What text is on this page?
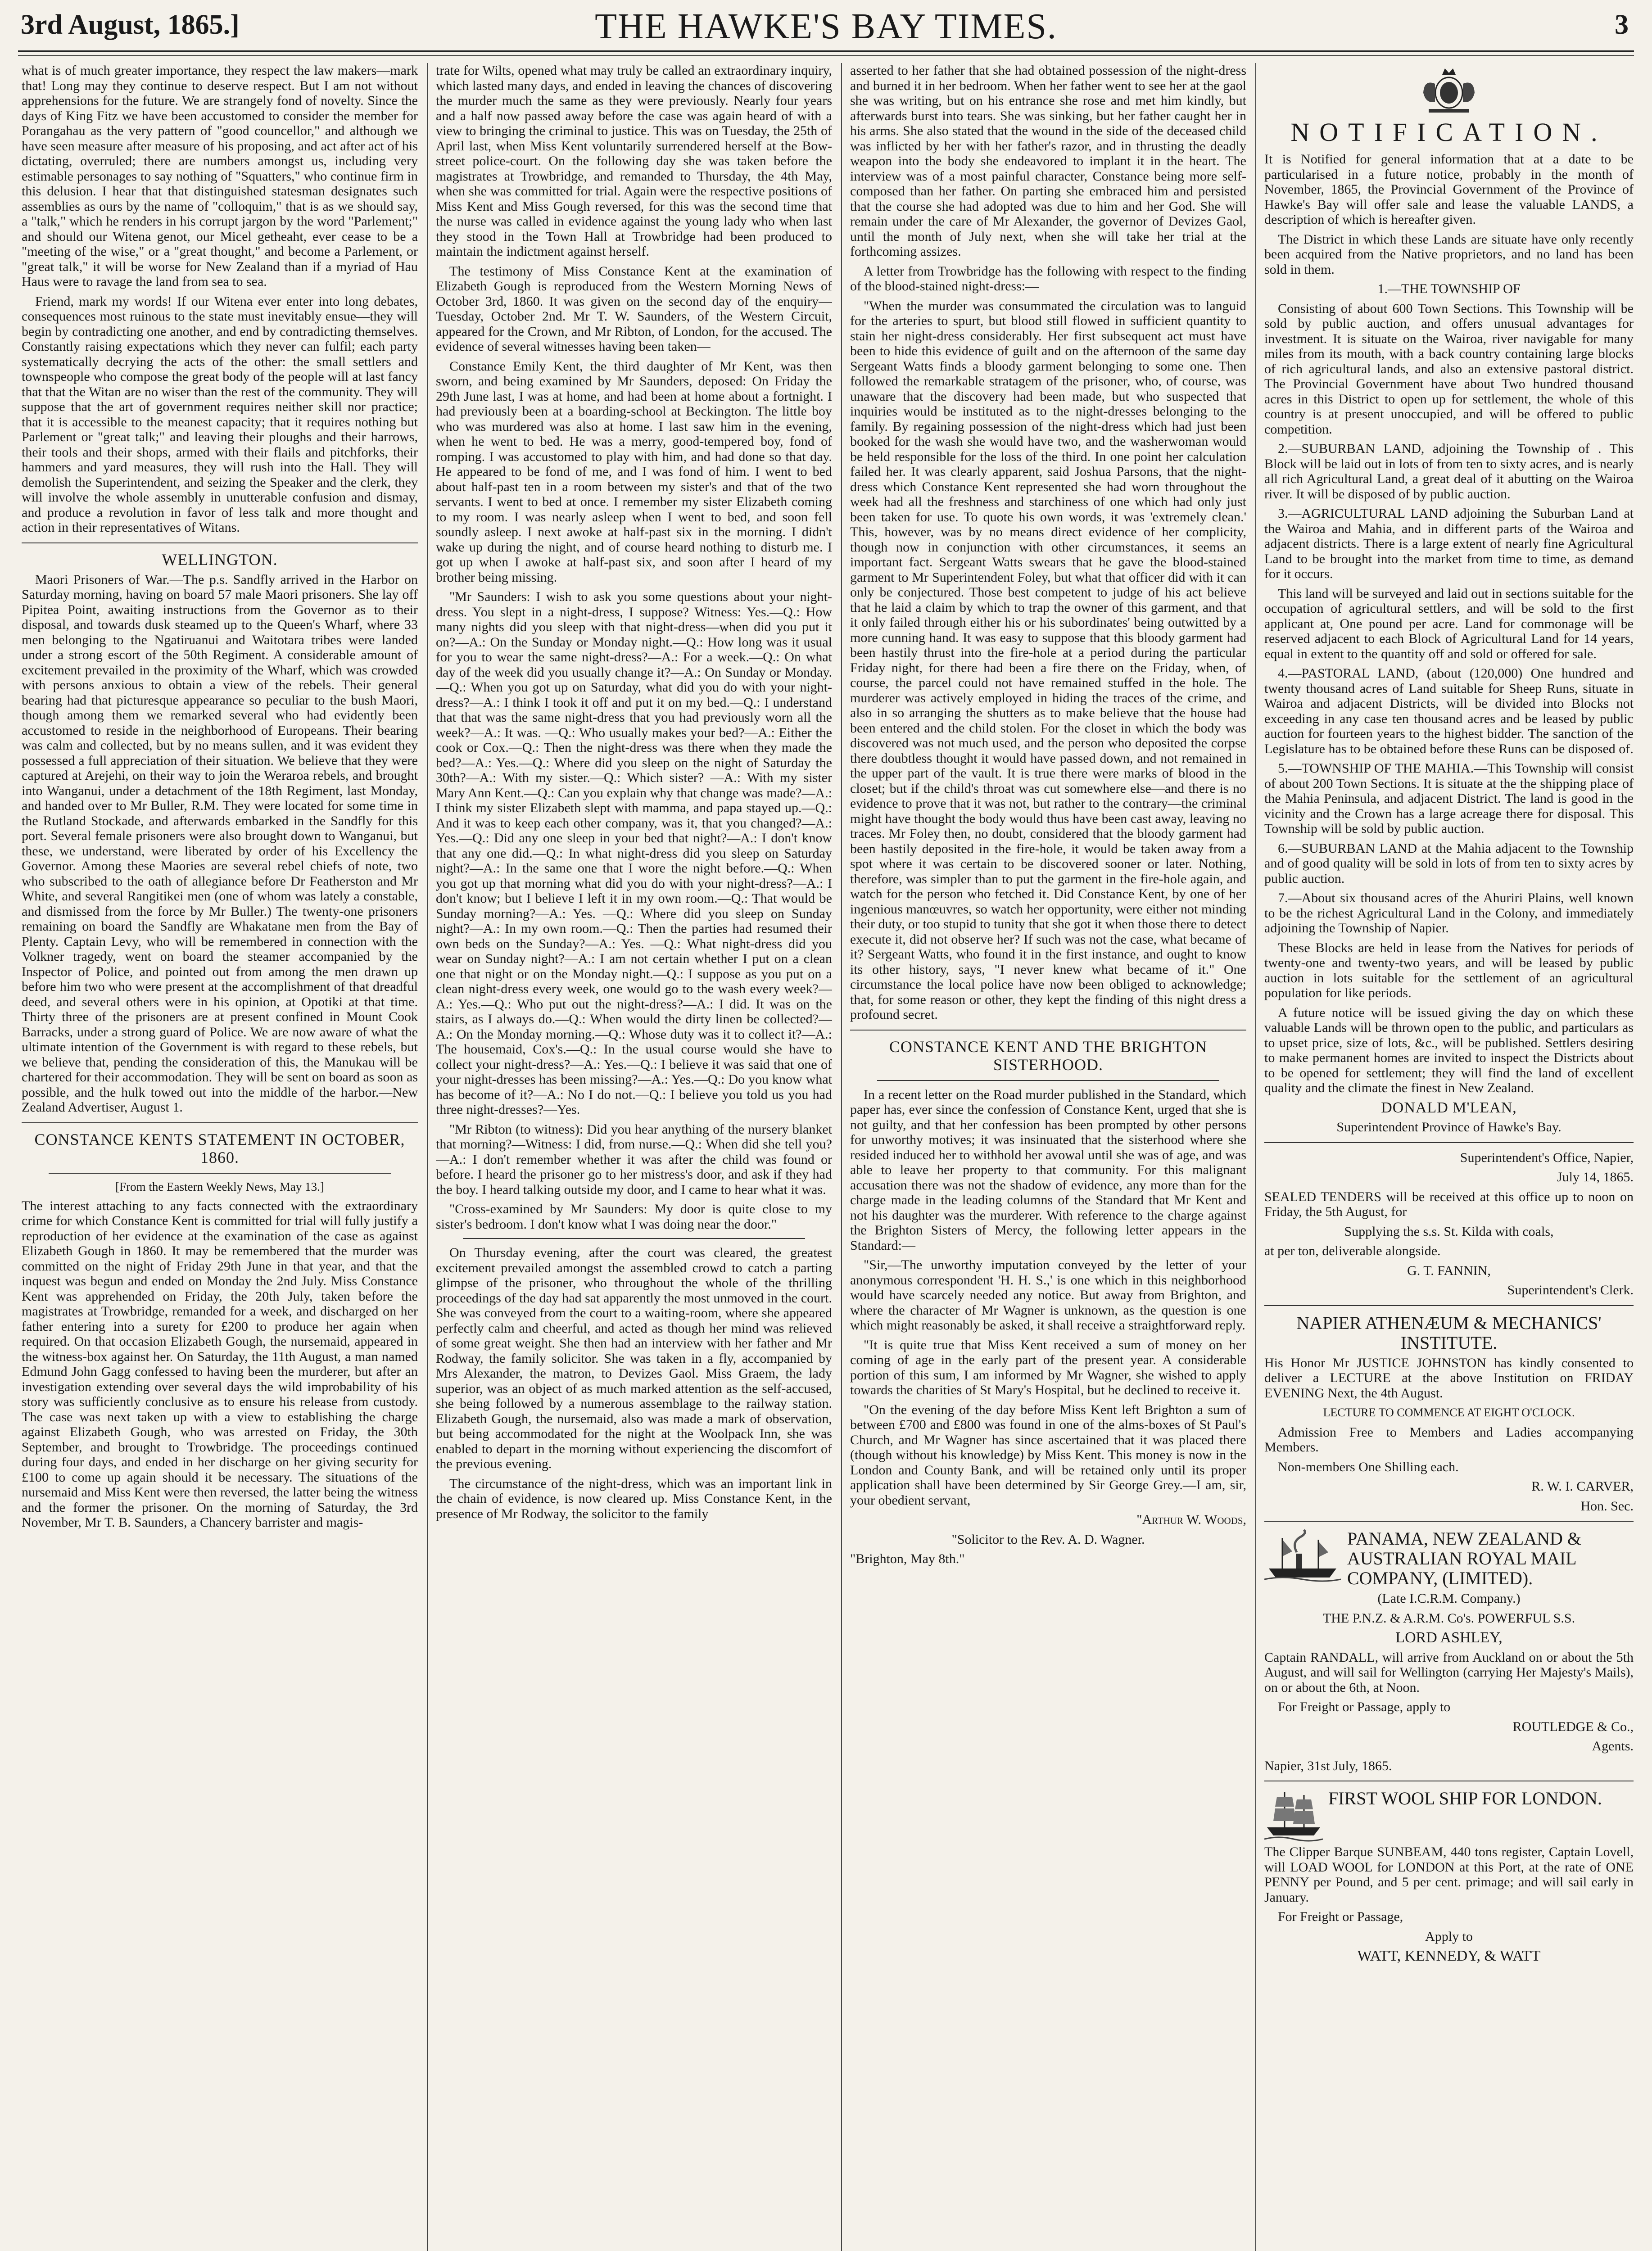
3rd August, 1865.]	THE HAWKE'S BAY TIMES.	3

what is of much greater importance, they respect the law makers—mark that! Long may they continue to deserve respect. But I am not without apprehensions for the future. We are strangely fond of novelty. Since the days of King Fitz we have been accustomed to consider the member for Porangahau as the very pattern of "good councellor," and although we have seen measure after measure of his proposing, and act after act of his dictating, overruled; there are numbers amongst us, including very estimable personages to say nothing of "Squatters," who continue firm in this delusion. I hear that that distinguished statesman designates such assemblies as ours by the name of "colloquim," that is as we should say, a "talk," which he renders in his corrupt jargon by the word "Parlement;" and should our Witena genot, our Micel getheaht, ever cease to be a "meeting of the wise," or a "great thought," and become a Parlement, or "great talk," it will be worse for New Zealand than if a myriad of Hau Haus were to ravage the land from sea to sea.

Friend, mark my words! If our Witena ever enter into long debates, consequences most ruinous to the state must inevitably ensue—they will begin by contradicting one another, and end by contradicting themselves. Constantly raising expectations which they never can fulfil; each party systematically decrying the acts of the other: the small settlers and townspeople who compose the great body of the people will at last fancy that that the Witan are no wiser than the rest of the community. They will suppose that the art of government requires neither skill nor practice; that it is accessible to the meanest capacity; that it requires nothing but Parlement or "great talk;" and leaving their ploughs and their harrows, their tools and their shops, armed with their flails and pitchforks, their hammers and yard measures, they will rush into the Hall. They will demolish the Superintendent, and seizing the Speaker and the clerk, they will involve the whole assembly in unutterable confusion and dismay, and produce a revolution in favor of less talk and more thought and action in their representatives of Witans.

WELLINGTON.

Maori Prisoners of War.—The p.s. Sandfly arrived in the Harbor on Saturday morning, having on board 57 male Maori prisoners. She lay off Pipitea Point, awaiting instructions from the Governor as to their disposal, and towards dusk steamed up to the Queen's Wharf, where 33 men belonging to the Ngatiruanui and Waitotara tribes were landed under a strong escort of the 50th Regiment. A considerable amount of excitement prevailed in the proximity of the Wharf, which was crowded with persons anxious to obtain a view of the rebels. Their general bearing had that picturesque appearance so peculiar to the bush Maori, though among them we remarked several who had evidently been accustomed to reside in the neighborhood of Europeans. Their bearing was calm and collected, but by no means sullen, and it was evident they possessed a full appreciation of their situation. We believe that they were captured at Arejehi, on their way to join the Weraroa rebels, and brought into Wanganui, under a detachment of the 18th Regiment, last Monday, and handed over to Mr Buller, R.M. They were located for some time in the Rutland Stockade, and afterwards embarked in the Sandfly for this port. Several female prisoners were also brought down to Wanganui, but these, we understand, were liberated by order of his Excellency the Governor. Among these Maories are several rebel chiefs of note, two who subscribed to the oath of allegiance before Dr Featherston and Mr White, and several Rangitikei men (one of whom was lately a constable, and dismissed from the force by Mr Buller.) The twenty-one prisoners remaining on board the Sandfly are Whakatane men from the Bay of Plenty. Captain Levy, who will be remembered in connection with the Volkner tragedy, went on board the steamer accompanied by the Inspector of Police, and pointed out from among the men drawn up before him two who were present at the accomplishment of that dreadful deed, and several others were in his opinion, at Opotiki at that time. Thirty three of the prisoners are at present confined in Mount Cook Barracks, under a strong guard of Police. We are now aware of what the ultimate intention of the Government is with regard to these rebels, but we believe that, pending the consideration of this, the Manukau will be chartered for their accommodation. They will be sent on board as soon as possible, and the hulk towed out into the middle of the harbor.—New Zealand Advertiser, August 1.

CONSTANCE KENTS STATEMENT IN OCTOBER, 1860.
[From the Eastern Weekly News, May 13.]

The interest attaching to any facts connected with the extraordinary crime for which Constance Kent is committed for trial will fully justify a reproduction of her evidence at the examination of the case as against Elizabeth Gough in 1860. It may be remembered that the murder was committed on the night of Friday 29th June in that year, and that the inquest was begun and ended on Monday the 2nd July. Miss Constance Kent was apprehended on Friday, the 20th July, taken before the magistrates at Trowbridge, remanded for a week, and discharged on her father entering into a surety for £200 to produce her again when required. On that occasion Elizabeth Gough, the nursemaid, appeared in the witness-box against her. On Saturday, the 11th August, a man named Edmund John Gagg confessed to having been the murderer, but after an investigation extending over several days the wild improbability of his story was sufficiently conclusive as to ensure his release from custody. The case was next taken up with a view to establishing the charge against Elizabeth Gough, who was arrested on Friday, the 30th September, and brought to Trowbridge. The proceedings continued during four days, and ended in her discharge on her giving security for £100 to come up again should it be necessary. The situations of the nursemaid and Miss Kent were then reversed, the latter being the witness and the former the prisoner. On the morning of Saturday, the 3rd November, Mr T. B. Saunders, a Chancery barrister and magis-

trate for Wilts, opened what may truly be called an extraordinary inquiry, which lasted many days, and ended in leaving the chances of discovering the murder much the same as they were previously. Nearly four years and a half now passed away before the case was again heard of with a view to bringing the criminal to justice. This was on Tuesday, the 25th of April last, when Miss Kent voluntarily surrendered herself at the Bow-street police-court. On the following day she was taken before the magistrates at Trowbridge, and remanded to Thursday, the 4th May, when she was committed for trial. Again were the respective positions of Miss Kent and Miss Gough reversed, for this was the second time that the nurse was called in evidence against the young lady who when last they stood in the Town Hall at Trowbridge had been produced to maintain the indictment against herself.

The testimony of Miss Constance Kent at the examination of Elizabeth Gough is reproduced from the Western Morning News of October 3rd, 1860. It was given on the second day of the enquiry—Tuesday, October 2nd. Mr T. W. Saunders, of the Western Circuit, appeared for the Crown, and Mr Ribton, of London, for the accused. The evidence of several witnesses having been taken—

Constance Emily Kent, the third daughter of Mr Kent, was then sworn, and being examined by Mr Saunders, deposed: On Friday the 29th June last, I was at home, and had been at home about a fortnight. I had previously been at a boarding-school at Beckington. The little boy who was murdered was also at home. I last saw him in the evening, when he went to bed. He was a merry, good-tempered boy, fond of romping. I was accustomed to play with him, and had done so that day. He appeared to be fond of me, and I was fond of him. I went to bed about half-past ten in a room between my sister's and that of the two servants. I went to bed at once. I remember my sister Elizabeth coming to my room. I was nearly asleep when I went to bed, and soon fell soundly asleep. I next awoke at half-past six in the morning. I didn't wake up during the night, and of course heard nothing to disturb me. I got up when I awoke at half-past six, and soon after I heard of my brother being missing.

"Mr Saunders: I wish to ask you some questions about your night-dress. You slept in a night-dress, I suppose? Witness: Yes.—Q.: How many nights did you sleep with that night-dress—when did you put it on?—A.: On the Sunday or Monday night.—Q.: How long was it usual for you to wear the same night-dress?—A.: For a week.—Q.: On what day of the week did you usually change it?—A.: On Sunday or Monday. —Q.: When you got up on Saturday, what did you do with your night-dress?—A.: I think I took it off and put it on my bed.—Q.: I understand that that was the same night-dress that you had previously worn all the week?—A.: It was. —Q.: Who usually makes your bed?—A.: Either the cook or Cox.—Q.: Then the night-dress was there when they made the bed?—A.: Yes.—Q.: Where did you sleep on the night of Saturday the 30th?—A.: With my sister.—Q.: Which sister? —A.: With my sister Mary Ann Kent.—Q.: Can you explain why that change was made?—A.: I think my sister Elizabeth slept with mamma, and papa stayed up.—Q.: And it was to keep each other company, was it, that you changed?—A.: Yes.—Q.: Did any one sleep in your bed that night?—A.: I don't know that any one did.—Q.: In what night-dress did you sleep on Saturday night?—A.: In the same one that I wore the night before.—Q.: When you got up that morning what did you do with your night-dress?—A.: I don't know; but I believe I left it in my own room.—Q.: That would be Sunday morning?—A.: Yes. —Q.: Where did you sleep on Sunday night?—A.: In my own room.—Q.: Then the parties had resumed their own beds on the Sunday?—A.: Yes. —Q.: What night-dress did you wear on Sunday night?—A.: I am not certain whether I put on a clean one that night or on the Monday night.—Q.: I suppose as you put on a clean night-dress every week, one would go to the wash every week?—A.: Yes.—Q.: Who put out the night-dress?—A.: I did. It was on the stairs, as I always do.—Q.: When would the dirty linen be collected?—A.: On the Monday morning.—Q.: Whose duty was it to collect it?—A.: The housemaid, Cox's.—Q.: In the usual course would she have to collect your night-dress?—A.: Yes.—Q.: I believe it was said that one of your night-dresses has been missing?—A.: Yes.—Q.: Do you know what has become of it?—A.: No I do not.—Q.: I believe you told us you had three night-dresses?—Yes.

"Mr Ribton (to witness): Did you hear anything of the nursery blanket that morning?—Witness: I did, from nurse.—Q.: When did she tell you?—A.: I don't remember whether it was after the child was found or before. I heard the prisoner go to her mistress's door, and ask if they had the boy. I heard talking outside my door, and I came to hear what it was.

"Cross-examined by Mr Saunders: My door is quite close to my sister's bedroom. I don't know what I was doing near the door."

On Thursday evening, after the court was cleared, the greatest excitement prevailed amongst the assembled crowd to catch a parting glimpse of the prisoner, who throughout the whole of the thrilling proceedings of the day had sat apparently the most unmoved in the court. She was conveyed from the court to a waiting-room, where she appeared perfectly calm and cheerful, and acted as though her mind was relieved of some great weight. She then had an interview with her father and Mr Rodway, the family solicitor. She was taken in a fly, accompanied by Mrs Alexander, the matron, to Devizes Gaol. Miss Graem, the lady superior, was an object of as much marked attention as the self-accused, she being followed by a numerous assemblage to the railway station. Elizabeth Gough, the nursemaid, also was made a mark of observation, but being accommodated for the night at the Woolpack Inn, she was enabled to depart in the morning without experiencing the discomfort of the previous evening.

The circumstance of the night-dress, which was an important link in the chain of evidence, is now cleared up. Miss Constance Kent, in the presence of Mr Rodway, the solicitor to the family

asserted to her father that she had obtained possession of the night-dress and burned it in her bedroom. When her father went to see her at the gaol she was writing, but on his entrance she rose and met him kindly, but afterwards burst into tears. She was sinking, but her father caught her in his arms. She also stated that the wound in the side of the deceased child was inflicted by her with her father's razor, and in thrusting the deadly weapon into the body she endeavored to implant it in the heart. The interview was of a most painful character, Constance being more self-composed than her father. On parting she embraced him and persisted that the course she had adopted was due to him and her God. She will remain under the care of Mr Alexander, the governor of Devizes Gaol, until the month of July next, when she will take her trial at the forthcoming assizes.

A letter from Trowbridge has the following with respect to the finding of the blood-stained night-dress:—

"When the murder was consummated the circulation was to languid for the arteries to spurt, but blood still flowed in sufficient quantity to stain her night-dress considerably. Her first subsequent act must have been to hide this evidence of guilt and on the afternoon of the same day Sergeant Watts finds a bloody garment belonging to some one. Then followed the remarkable stratagem of the prisoner, who, of course, was unaware that the discovery had been made, but who suspected that inquiries would be instituted as to the night-dresses belonging to the family. By regaining possession of the night-dress which had just been booked for the wash she would have two, and the washerwoman would be held responsible for the loss of the third. In one point her calculation failed her. It was clearly apparent, said Joshua Parsons, that the night-dress which Constance Kent represented she had worn throughout the week had all the freshness and starchiness of one which had only just been taken for use. To quote his own words, it was 'extremely clean.' This, however, was by no means direct evidence of her complicity, though now in conjunction with other circumstances, it seems an important fact. Sergeant Watts swears that he gave the blood-stained garment to Mr Superintendent Foley, but what that officer did with it can only be conjectured. Those best competent to judge of his act believe that he laid a claim by which to trap the owner of this garment, and that it only failed through either his or his subordinates' being outwitted by a more cunning hand. It was easy to suppose that this bloody garment had been hastily thrust into the fire-hole at a period during the particular Friday night, for there had been a fire there on the Friday, when, of course, the parcel could not have remained stuffed in the hole. The murderer was actively employed in hiding the traces of the crime, and also in so arranging the shutters as to make believe that the house had been entered and the child stolen. For the closet in which the body was discovered was not much used, and the person who deposited the corpse there doubtless thought it would have passed down, and not remained in the upper part of the vault. It is true there were marks of blood in the closet; but if the child's throat was cut somewhere else—and there is no evidence to prove that it was not, but rather to the contrary—the criminal might have thought the body would thus have been cast away, leaving no traces. Mr Foley then, no doubt, considered that the bloody garment had been hastily deposited in the fire-hole, it would be taken away from a spot where it was certain to be discovered sooner or later. Nothing, therefore, was simpler than to put the garment in the fire-hole again, and watch for the person who fetched it. Did Constance Kent, by one of her ingenious manœuvres, so watch her opportunity, were either not minding their duty, or too stupid to tunity that she got it when those there to detect execute it, did not observe her? If such was not the case, what became of it? Sergeant Watts, who found it in the first instance, and ought to know its other history, says, "I never knew what became of it." One circumstance the local police have now been obliged to acknowledge; that, for some reason or other, they kept the finding of this night dress a profound secret.

CONSTANCE KENT AND THE BRIGHTON SISTERHOOD.

In a recent letter on the Road murder published in the Standard, which paper has, ever since the confession of Constance Kent, urged that she is not guilty, and that her confession has been prompted by other persons for unworthy motives; it was insinuated that the sisterhood where she resided induced her to withhold her avowal until she was of age, and was able to leave her property to that community. For this malignant accusation there was not the shadow of evidence, any more than for the charge made in the leading columns of the Standard that Mr Kent and not his daughter was the murderer. With reference to the charge against the Brighton Sisters of Mercy, the following letter appears in the Standard:—

"Sir,—The unworthy imputation conveyed by the letter of your anonymous correspondent 'H. H. S.,' is one which in this neighborhood would have scarcely needed any notice. But away from Brighton, and where the character of Mr Wagner is unknown, as the question is one which might reasonably be asked, it shall receive a straightforward reply.

"It is quite true that Miss Kent received a sum of money on her coming of age in the early part of the present year. A considerable portion of this sum, I am informed by Mr Wagner, she wished to apply towards the charities of St Mary's Hospital, but he declined to receive it.

"On the evening of the day before Miss Kent left Brighton a sum of between £700 and £800 was found in one of the alms-boxes of St Paul's Church, and Mr Wagner has since ascertained that it was placed there (though without his knowledge) by Miss Kent. This money is now in the London and County Bank, and will be retained only until its proper application shall have been determined by Sir George Grey.—I am, sir, your obedient servant,

"Arthur W. Woods,

"Solicitor to the Rev. A. D. Wagner.

"Brighton, May 8th."

NOTIFICATION.

It is Notified for general information that at a date to be particularised in a future notice, probably in the month of November, 1865, the Provincial Government of the Province of Hawke's Bay will offer sale and lease the valuable LANDS, a description of which is hereafter given.

The District in which these Lands are situate have only recently been acquired from the Native proprietors, and no land has been sold in them.

1.—THE TOWNSHIP OF

Consisting of about 600 Town Sections. This Township will be sold by public auction, and offers unusual advantages for investment. It is situate on the Wairoa, river navigable for many miles from its mouth, with a back country containing large blocks of rich agricultural lands, and also an extensive pastoral district. The Provincial Government have about Two hundred thousand acres in this District to open up for settlement, the whole of this country is at present unoccupied, and will be offered to public competition.

2.—SUBURBAN LAND, adjoining the Township of . This Block will be laid out in lots of from ten to sixty acres, and is nearly all rich Agricultural Land, a great deal of it abutting on the Wairoa river. It will be disposed of by public auction.

3.—AGRICULTURAL LAND adjoining the Suburban Land at the Wairoa and Mahia, and in different parts of the Wairoa and adjacent districts. There is a large extent of nearly fine Agricultural Land to be brought into the market from time to time, as demand for it occurs.

This land will be surveyed and laid out in sections suitable for the occupation of agricultural settlers, and will be sold to the first applicant at, One pound per acre. Land for commonage will be reserved adjacent to each Block of Agricultural Land for 14 years, equal in extent to the quantity off and sold or offered for sale.

4.—PASTORAL LAND, (about (120,000) One hundred and twenty thousand acres of Land suitable for Sheep Runs, situate in Wairoa and adjacent Districts, will be divided into Blocks not exceeding in any case ten thousand acres and be leased by public auction for fourteen years to the highest bidder. The sanction of the Legislature has to be obtained before these Runs can be disposed of.

5.—TOWNSHIP OF THE MAHIA.—This Township will consist of about 200 Town Sections. It is situate at the the shipping place of the Mahia Peninsula, and adjacent District. The land is good in the vicinity and the Crown has a large acreage there for disposal. This Township will be sold by public auction.

6.—SUBURBAN LAND at the Mahia adjacent to the Township and of good quality will be sold in lots of from ten to sixty acres by public auction.

7.—About six thousand acres of the Ahuriri Plains, well known to be the richest Agricultural Land in the Colony, and immediately adjoining the Township of Napier.

These Blocks are held in lease from the Natives for periods of twenty-one and twenty-two years, and will be leased by public auction in lots suitable for the settlement of an agricultural population for like periods.

A future notice will be issued giving the day on which these valuable Lands will be thrown open to the public, and particulars as to upset price, size of lots, &c., will be published. Settlers desiring to make permanent homes are invited to inspect the Districts about to be opened for settlement; they will find the land of excellent quality and the climate the finest in New Zealand.

DONALD M'LEAN,

Superintendent Province of Hawke's Bay.

Superintendent's Office, Napier,

July 14, 1865.

SEALED TENDERS will be received at this office up to noon on Friday, the 5th August, for

Supplying the s.s. St. Kilda with coals,

at per ton, deliverable alongside.

G. T. FANNIN,

Superintendent's Clerk.

NAPIER ATHENÆUM & MECHANICS' INSTITUTE.

His Honor Mr JUSTICE JOHNSTON has kindly consented to deliver a LECTURE at the above Institution on FRIDAY EVENING Next, the 4th August.

LECTURE TO COMMENCE AT EIGHT O'CLOCK.

Admission Free to Members and Ladies accompanying Members.

Non-members One Shilling each.

R. W. I. CARVER,

Hon. Sec.

PANAMA, NEW ZEALAND & AUSTRALIAN ROYAL MAIL COMPANY, (LIMITED).

(Late I.C.R.M. Company.)

THE P.N.Z. & A.R.M. Co's. POWERFUL S.S.

LORD ASHLEY,

Captain RANDALL, will arrive from Auckland on or about the 5th August, and will sail for Wellington (carrying Her Majesty's Mails), on or about the 6th, at Noon.

For Freight or Passage, apply to

ROUTLEDGE & Co.,

Agents.

Napier, 31st July, 1865.

FIRST WOOL SHIP FOR LONDON.

The Clipper Barque SUNBEAM, 440 tons register, Captain Lovell, will LOAD WOOL for LONDON at this Port, at the rate of ONE PENNY per Pound, and 5 per cent. primage; and will sail early in January.

For Freight or Passage,

Apply to

WATT, KENNEDY, & WATT
